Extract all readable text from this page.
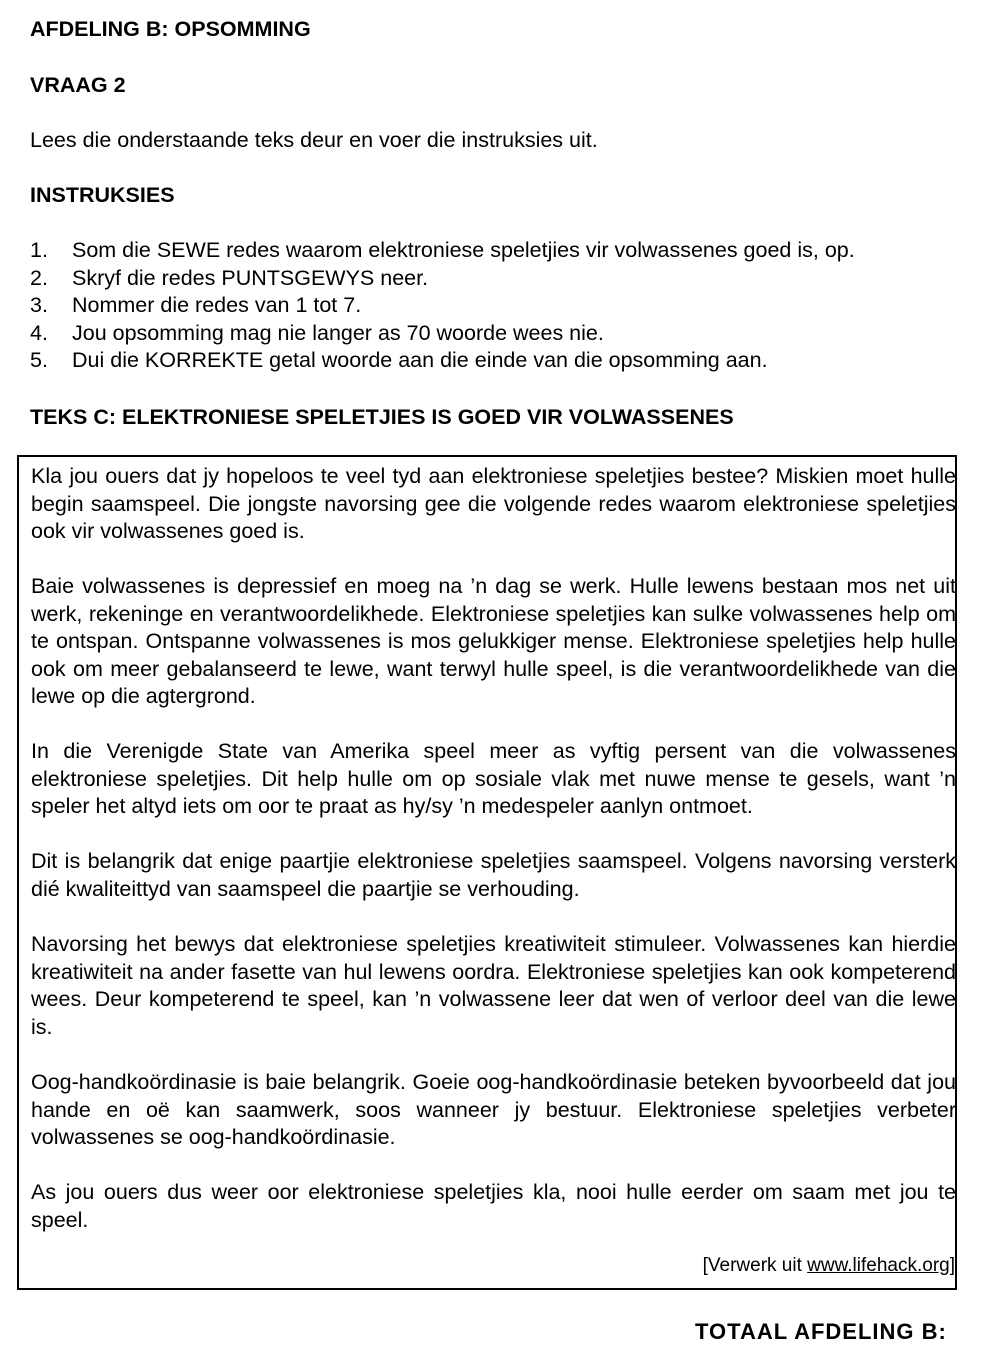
AFDELING B: OPSOMMING
VRAAG 2
Lees die onderstaande teks deur en voer die instruksies uit.
INSTRUKSIES
1. Som die SEWE redes waarom elektroniese speletjies vir volwassenes goed is, op.
2. Skryf die redes PUNTSGEWYS neer.
3. Nommer die redes van 1 tot 7.
4. Jou opsomming mag nie langer as 70 woorde wees nie.
5. Dui die KORREKTE getal woorde aan die einde van die opsomming aan.
TEKS C: ELEKTRONIESE SPELETJIES IS GOED VIR VOLWASSENES

Kla jou ouers dat jy hopeloos te veel tyd aan elektroniese speletjies bestee? Miskien moet hulle begin saamspeel. Die jongste navorsing gee die volgende redes waarom elektroniese speletjies ook vir volwassenes goed is.

Baie volwassenes is depressief en moeg na ’n dag se werk. Hulle lewens bestaan mos net uit werk, rekeninge en verantwoordelikhede. Elektroniese speletjies kan sulke volwassenes help om te ontspan. Ontspanne volwassenes is mos gelukkiger mense. Elektroniese speletjies help hulle ook om meer gebalanseerd te lewe, want terwyl hulle speel, is die verantwoordelikhede van die lewe op die agtergrond.

In die Verenigde State van Amerika speel meer as vyftig persent van die volwassenes elektroniese speletjies. Dit help hulle om op sosiale vlak met nuwe mense te gesels, want ’n speler het altyd iets om oor te praat as hy/sy ’n medespeler aanlyn ontmoet.

Dit is belangrik dat enige paartjie elektroniese speletjies saamspeel. Volgens navorsing versterk dié kwaliteittyd van saamspeel die paartjie se verhouding.

Navorsing het bewys dat elektroniese speletjies kreatiwiteit stimuleer. Volwassenes kan hierdie kreatiwiteit na ander fasette van hul lewens oordra. Elektroniese speletjies kan ook kompeterend wees. Deur kompeterend te speel, kan ’n volwassene leer dat wen of verloor deel van die lewe is.

Oog-handkoördinasie is baie belangrik. Goeie oog-handkoördinasie beteken byvoorbeeld dat jou hande en oë kan saamwerk, soos wanneer jy bestuur. Elektroniese speletjies verbeter volwassenes se oog-handkoördinasie.

As jou ouers dus weer oor elektroniese speletjies kla, nooi hulle eerder om saam met jou te speel.

[Verwerk uit www.lifehack.org]
TOTAAL AFDELING B:
